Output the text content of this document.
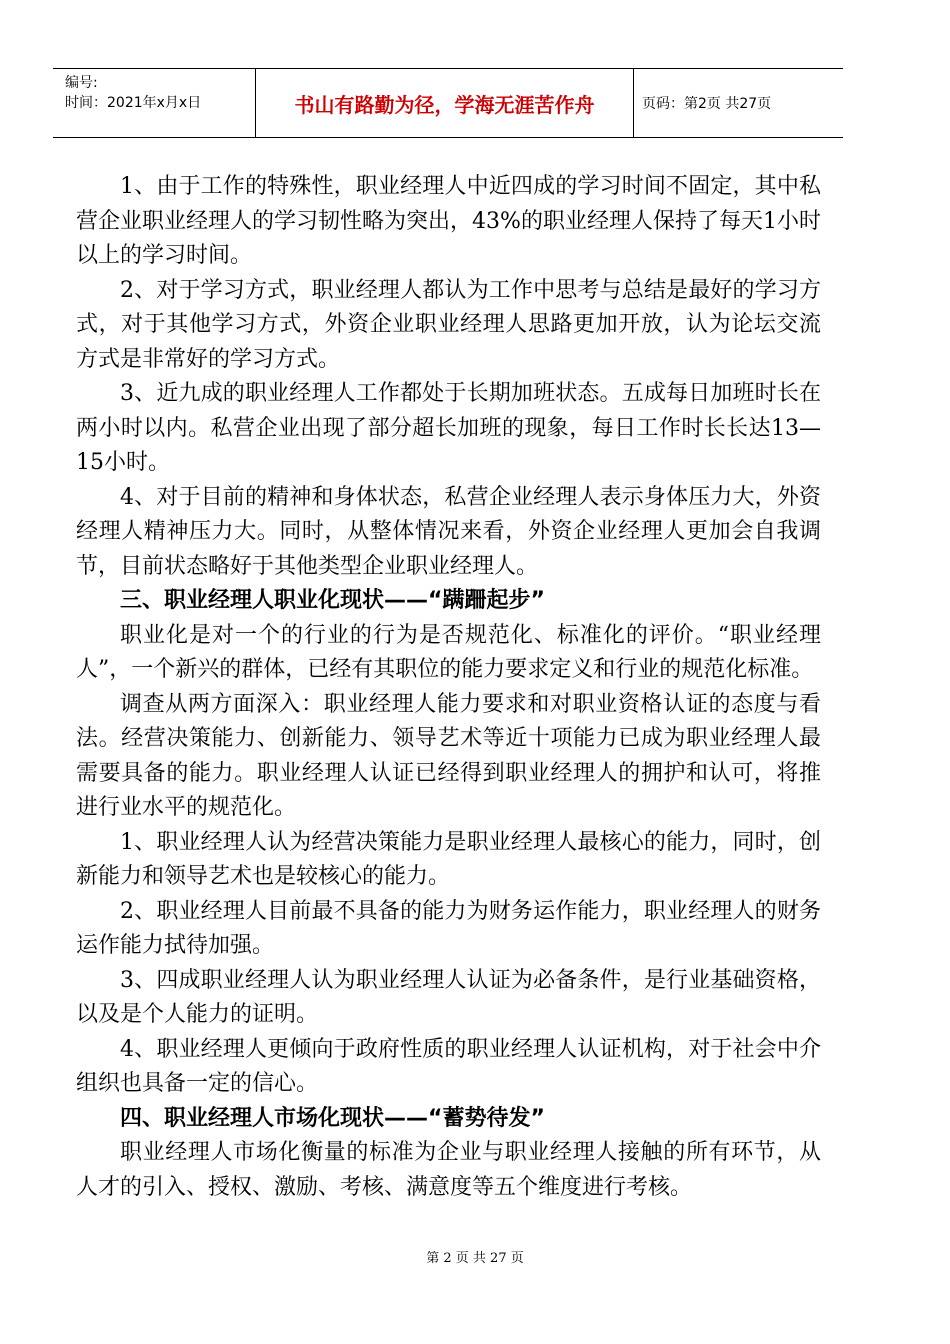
编号:
时间：2021年x月x日	书山有路勤为径，学海无涯苦作舟	页码：第2页 共27页

1、由于工作的特殊性，职业经理人中近四成的学习时间不固定，其中私营企业职业经理人的学习韧性略为突出，43%的职业经理人保持了每天1小时以上的学习时间。

2、对于学习方式，职业经理人都认为工作中思考与总结是最好的学习方式，对于其他学习方式，外资企业职业经理人思路更加开放，认为论坛交流方式是非常好的学习方式。

3、近九成的职业经理人工作都处于长期加班状态。五成每日加班时长在两小时以内。私营企业出现了部分超长加班的现象，每日工作时长长达13—15小时。

4、对于目前的精神和身体状态，私营企业经理人表示身体压力大，外资经理人精神压力大。同时，从整体情况来看，外资企业经理人更加会自我调节，目前状态略好于其他类型企业职业经理人。

三、职业经理人职业化现状——“蹒跚起步”

职业化是对一个的行业的行为是否规范化、标准化的评价。“职业经理人”，一个新兴的群体，已经有其职位的能力要求定义和行业的规范化标准。

调查从两方面深入：职业经理人能力要求和对职业资格认证的态度与看法。经营决策能力、创新能力、领导艺术等近十项能力已成为职业经理人最需要具备的能力。职业经理人认证已经得到职业经理人的拥护和认可，将推进行业水平的规范化。

1、职业经理人认为经营决策能力是职业经理人最核心的能力，同时，创新能力和领导艺术也是较核心的能力。

2、职业经理人目前最不具备的能力为财务运作能力，职业经理人的财务运作能力拭待加强。

3、四成职业经理人认为职业经理人认证为必备条件，是行业基础资格，以及是个人能力的证明。

4、职业经理人更倾向于政府性质的职业经理人认证机构，对于社会中介组织也具备一定的信心。

四、职业经理人市场化现状——“蓄势待发”

职业经理人市场化衡量的标准为企业与职业经理人接触的所有环节，从人才的引入、授权、激励、考核、满意度等五个维度进行考核。

第 2 页 共 27 页
